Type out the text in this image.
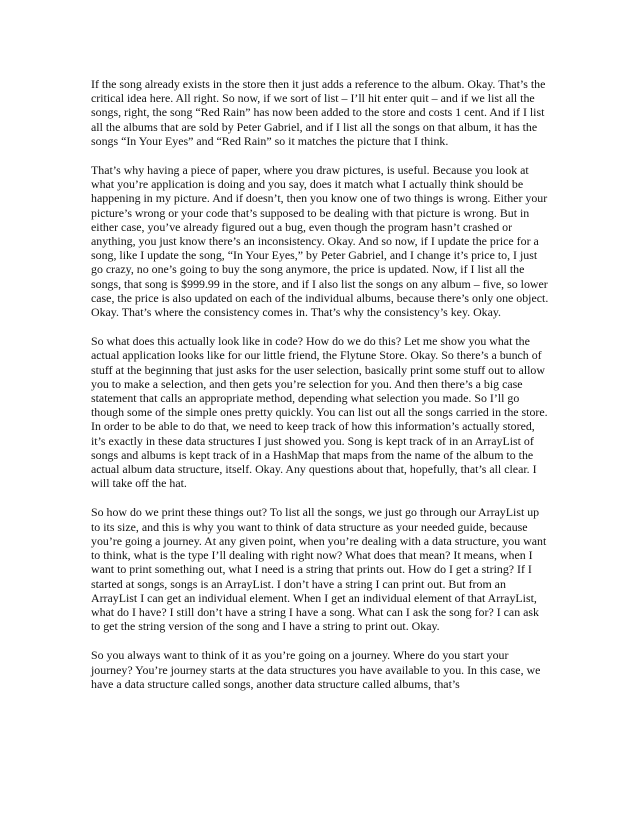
If the song already exists in the store then it just adds a reference to the album. Okay. That’s the critical idea here. All right. So now, if we sort of list – I’ll hit enter quit – and if we list all the songs, right, the song “Red Rain” has now been added to the store and costs 1 cent. And if I list all the albums that are sold by Peter Gabriel, and if I list all the songs on that album, it has the songs “In Your Eyes” and “Red Rain” so it matches the picture that I think.

That’s why having a piece of paper, where you draw pictures, is useful. Because you look at what you’re application is doing and you say, does it match what I actually think should be happening in my picture. And if doesn’t, then you know one of two things is wrong. Either your picture’s wrong or your code that’s supposed to be dealing with that picture is wrong. But in either case, you’ve already figured out a bug, even though the program hasn’t crashed or anything, you just know there’s an inconsistency. Okay. And so now, if I update the price for a song, like I update the song, “In Your Eyes,” by Peter Gabriel, and I change it’s price to, I just go crazy, no one’s going to buy the song anymore, the price is updated. Now, if I list all the songs, that song is $999.99 in the store, and if I also list the songs on any album – five, so lower case, the price is also updated on each of the individual albums, because there’s only one object. Okay. That’s where the consistency comes in. That’s why the consistency’s key. Okay.

So what does this actually look like in code? How do we do this? Let me show you what the actual application looks like for our little friend, the Flytune Store. Okay. So there’s a bunch of stuff at the beginning that just asks for the user selection, basically print some stuff out to allow you to make a selection, and then gets you’re selection for you. And then there’s a big case statement that calls an appropriate method, depending what selection you made. So I’ll go though some of the simple ones pretty quickly. You can list out all the songs carried in the store. In order to be able to do that, we need to keep track of how this information’s actually stored, it’s exactly in these data structures I just showed you. Song is kept track of in an ArrayList of songs and albums is kept track of in a HashMap that maps from the name of the album to the actual album data structure, itself. Okay. Any questions about that, hopefully, that’s all clear. I will take off the hat.

So how do we print these things out? To list all the songs, we just go through our ArrayList up to its size, and this is why you want to think of data structure as your needed guide, because you’re going a journey. At any given point, when you’re dealing with a data structure, you want to think, what is the type I’ll dealing with right now? What does that mean? It means, when I want to print something out, what I need is a string that prints out. How do I get a string? If I started at songs, songs is an ArrayList. I don’t have a string I can print out. But from an ArrayList I can get an individual element. When I get an individual element of that ArrayList, what do I have? I still don’t have a string I have a song. What can I ask the song for? I can ask to get the string version of the song and I have a string to print out. Okay.

So you always want to think of it as you’re going on a journey. Where do you start your journey? You’re journey starts at the data structures you have available to you. In this case, we have a data structure called songs, another data structure called albums, that’s
